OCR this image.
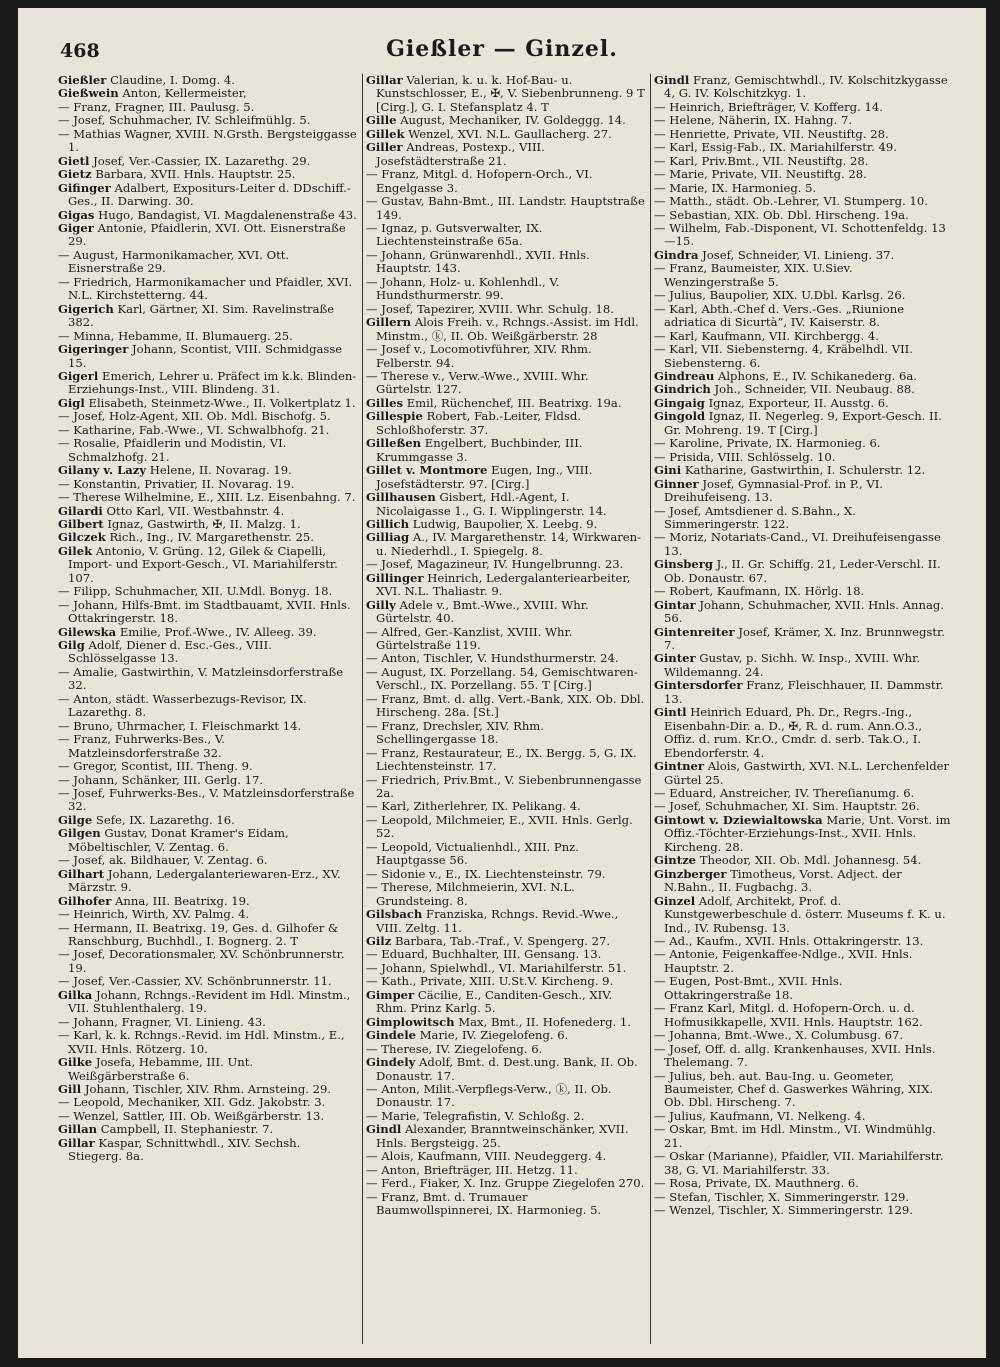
468	Gießler — Ginzel.
Gießler Claudine, I. Domg. 4.
Gießwein Anton, Kellermeister,
— Franz, Fragner, III. Paulusg. 5.
— Josef, Schuhmacher, IV. Schleifmühlg. 5.
— Mathias Wagner, XVIII. N.Grsth. Bergsteiggasse 1.
Gietl Josef, Ver.-Cassier, IX. Lazarethg. 29.
Gietz Barbara, XVII. Hnls. Hauptstr. 25.
Gifinger Adalbert, Expositurs-Leiter d. DDschiff.-Ges., II. Darwing. 30.
Gigas Hugo, Bandagist, VI. Magdalenenstraße 43.
Giger Antonie, Pfaidlerin, XVI. Ott. Eisnerstraße 29.
— August, Harmonikamacher, XVI. Ott. Eisnerstraße 29.
— Friedrich, Harmonikamacher und Pfaidler, XVI. N.L. Kirchstetterng. 44.
Gigerich Karl, Gärtner, XI. Sim. Ravelinstraße 382.
— Minna, Hebamme, II. Blumauerg. 25.
Gigeringer Johann, Scontist, VIII. Schmidgasse 15.
Gigerl Emerich, Lehrer u. Präfect im k.k. Blinden-Erziehungs-Inst., VIII. Blindeng. 31.
Gigl Elisabeth, Steinmetz-Wwe., II. Volkertplatz 1.
— Josef, Holz-Agent, XII. Ob. Mdl. Bischofg. 5.
— Katharine, Fab.-Wwe., VI. Schwalbhofg. 21.
— Rosalie, Pfaidlerin und Modistin, VI. Schmalzhofg. 21.
Gilany v. Lazy Helene, II. Novarag. 19.
— Konstantin, Privatier, II. Novarag. 19.
— Therese Wilhelmine, E., XIII. Lz. Eisenbahng. 7.
Gilardi Otto Karl, VII. Westbahnstr. 4.
Gilbert Ignaz, Gastwirth, ✠, II. Malzg. 1.
Gilczek Rich., Ing., IV. Margarethenstr. 25.
Gilek Antonio, V. Grüng. 12, Gilek & Ciapelli, Import- und Export-Gesch., VI. Mariahilferstr. 107.
— Filipp, Schuhmacher, XII. U.Mdl. Bonyg. 18.
— Johann, Hilfs-Bmt. im Stadtbauamt, XVII. Hnls. Ottakringerstr. 18.
Gilewska Emilie, Prof.-Wwe., IV. Alleeg. 39.
Gilg Adolf, Diener d. Esc.-Ges., VIII. Schlösselgasse 13.
— Amalie, Gastwirthin, V. Matzleinsdorferstraße 32.
— Anton, städt. Wasserbezugs-Revisor, IX. Lazarethg. 8.
— Bruno, Uhrmacher, I. Fleischmarkt 14.
— Franz, Fuhrwerks-Bes., V. Matzleinsdorferstraße 32.
— Gregor, Scontist, III. Theng. 9.
— Johann, Schänker, III. Gerlg. 17.
— Josef, Fuhrwerks-Bes., V. Matzleinsdorferstraße 32.
Gilge Sefe, IX. Lazarethg. 16.
Gilgen Gustav, Donat Kramer's Eidam, Möbeltischler, V. Zentag. 6.
— Josef, ak. Bildhauer, V. Zentag. 6.
Gilhart Johann, Ledergalanteriewaren-Erz., XV. Märzstr. 9.
Gilhofer Anna, III. Beatrixg. 19.
— Heinrich, Wirth, XV. Palmg. 4.
— Hermann, II. Beatrixg. 19, Ges. d. Gilhofer & Ranschburg, Buchhdl., I. Bognerg. 2. T
— Josef, Decorationsmaler, XV. Schönbrunnerstr. 19.
— Josef, Ver.-Cassier, XV. Schönbrunnerstr. 11.
Gilka Johann, Rchngs.-Revident im Hdl. Minstm., VII. Stuhlenthalerg. 19.
— Johann, Fragner, VI. Linieng. 43.
— Karl, k. k. Rchngs.-Revid. im Hdl. Minstm., E., XVII. Hnls. Rötzerg. 10.
Gilke Josefa, Hebamme, III. Unt. Weißgärberstraße 6.
Gill Johann, Tischler, XIV. Rhm. Arnsteing. 29.
— Leopold, Mechaniker, XII. Gdz. Jakobstr. 3.
— Wenzel, Sattler, III. Ob. Weißgärberstr. 13.
Gillan Campbell, II. Stephaniestr. 7.
Gillar Kaspar, Schnittwhdl., XIV. Sechsh. Stiegerg. 8a.
Gillar Valerian, k. u. k. Hof-Bau- u. Kunstschlosser, E., ✠, V. Siebenbrunneng. 9 T [Cirg.], G. I. Stefansplatz 4. T
Gille August, Mechaniker, IV. Goldeggg. 14.
Gillek Wenzel, XVI. N.L. Gaullacherg. 27.
Giller Andreas, Postexp., VIII. Josefstädterstraße 21.
— Franz, Mitgl. d. Hofopern-Orch., VI. Engelgasse 3.
— Gustav, Bahn-Bmt., III. Landstr. Hauptstraße 149.
— Ignaz, p. Gutsverwalter, IX. Liechtensteinstraße 65a.
— Johann, Grünwarenhdl., XVII. Hnls. Hauptstr. 143.
— Johann, Holz- u. Kohlenhdl., V. Hundsthurmerstr. 99.
— Josef, Tapezirer, XVIII. Whr. Schulg. 18.
Gillern Alois Freih. v., Rchngs.-Assist. im Hdl. Minstm., ⓚ, II. Ob. Weißgärberstr. 28
— Josef v., Locomotivführer, XIV. Rhm. Felberstr. 94.
— Therese v., Verw.-Wwe., XVIII. Whr. Gürtelstr. 127.
Gilles Emil, Rüchenchef, III. Beatrixg. 19a.
Gillespie Robert, Fab.-Leiter, Fldsd. Schloßhoferstr. 37.
Gilleßen Engelbert, Buchbinder, III. Krummgasse 3.
Gillet v. Montmore Eugen, Ing., VIII. Josefstädterstr. 97. [Cirg.]
Gillhausen Gisbert, Hdl.-Agent, I. Nicolaigasse 1., G. I. Wipplingerstr. 14.
Gillich Ludwig, Baupolier, X. Leebg. 9.
Gilliag A., IV. Margarethenstr. 14, Wirkwaren- u. Niederhdl., I. Spiegelg. 8.
— Josef, Magazineur, IV. Hungelbrunng. 23.
Gillinger Heinrich, Ledergalanteriearbeiter, XVI. N.L. Thaliastr. 9.
Gilly Adele v., Bmt.-Wwe., XVIII. Whr. Gürtelstr. 40.
— Alfred, Ger.-Kanzlist, XVIII. Whr. Gürtelstraße 119.
— Anton, Tischler, V. Hundsthurmerstr. 24.
— August, IX. Porzellang. 54, Gemischtwaren-Verschl., IX. Porzellang. 55. T [Cirg.]
— Franz, Bmt. d. allg. Vert.-Bank, XIX. Ob. Dbl. Hirscheng. 28a. [St.]
— Franz, Drechsler, XIV. Rhm. Schellingergasse 18.
— Franz, Restaurateur, E., IX. Bergg. 5, G. IX. Liechtensteinstr. 17.
— Friedrich, Priv.Bmt., V. Siebenbrunnengasse 2a.
— Karl, Zitherlehrer, IX. Pelikang. 4.
— Leopold, Milchmeier, E., XVII. Hnls. Gerlg. 52.
— Leopold, Victualienhdl., XIII. Pnz. Hauptgasse 56.
— Sidonie v., E., IX. Liechtensteinstr. 79.
— Therese, Milchmeierin, XVI. N.L. Grundsteing. 8.
Gilsbach Franziska, Rchngs. Revid.-Wwe., VIII. Zeltg. 11.
Gilz Barbara, Tab.-Traf., V. Spengerg. 27.
— Eduard, Buchhalter, III. Gensang. 13.
— Johann, Spielwhdl., VI. Mariahilferstr. 51.
— Kath., Private, XIII. U.St.V. Kircheng. 9.
Gimper Cäcilie, E., Canditen-Gesch., XIV. Rhm. Prinz Karlg. 5.
Gimplowitsch Max, Bmt., II. Hofenederg. 1.
Gindele Marie, IV. Ziegelofeng. 6.
— Therese, IV. Ziegelofeng. 6.
Gindely Adolf, Bmt. d. Dest.ung. Bank, II. Ob. Donaustr. 17.
— Anton, Milit.-Verpflegs-Verw., ⓚ, II. Ob. Donaustr. 17.
— Marie, Telegrafistin, V. Schloßg. 2.
Gindl Alexander, Branntweinschänker, XVII. Hnls. Bergsteigg. 25.
— Alois, Kaufmann, VIII. Neudeggerg. 4.
— Anton, Briefträger, III. Hetzg. 11.
— Ferd., Fiaker, X. Inz. Gruppe Ziegelofen 270.
— Franz, Bmt. d. Trumauer Baumwollspinnerei, IX. Harmonieg. 5.
Gindl Franz, Gemischtwhdl., IV. Kolschitzkygasse 4, G. IV. Kolschitzkyg. 1.
— Heinrich, Briefträger, V. Kofferg. 14.
— Helene, Näherin, IX. Hahng. 7.
— Henriette, Private, VII. Neustiftg. 28.
— Karl, Essig-Fab., IX. Mariahilferstr. 49.
— Karl, Priv.Bmt., VII. Neustiftg. 28.
— Marie, Private, VII. Neustiftg. 28.
— Marie, IX. Harmonieg. 5.
— Matth., städt. Ob.-Lehrer, VI. Stumperg. 10.
— Sebastian, XIX. Ob. Dbl. Hirscheng. 19a.
— Wilhelm, Fab.-Disponent, VI. Schottenfeldg. 13—15.
Gindra Josef, Schneider, VI. Linieng. 37.
— Franz, Baumeister, XIX. U.Siev. Wenzingerstraße 5.
— Julius, Baupolier, XIX. U.Dbl. Karlsg. 26.
— Karl, Abth.-Chef d. Vers.-Ges. „Riunione adriatica di Sicurtà”, IV. Kaiserstr. 8.
— Karl, Kaufmann, VII. Kirchbergg. 4.
— Karl, VII. Siebensterng. 4, Kräbelhdl. VII. Siebensterng. 6.
Gindreau Alphons, E., IV. Schikanederg. 6a.
Gindrich Joh., Schneider, VII. Neubaug. 88.
Gingaig Ignaz, Exporteur, II. Ausstg. 6.
Gingold Ignaz, II. Negerleg. 9, Export-Gesch. II. Gr. Mohreng. 19. T [Cirg.]
— Karoline, Private, IX. Harmonieg. 6.
— Prisida, VIII. Schlösselg. 10.
Gini Katharine, Gastwirthin, I. Schulerstr. 12.
Ginner Josef, Gymnasial-Prof. in P., VI. Dreihufeiseng. 13.
— Josef, Amtsdiener d. S.Bahn., X. Simmeringerstr. 122.
— Moriz, Notariats-Cand., VI. Dreihufeisengasse 13.
Ginsberg J., II. Gr. Schiffg. 21, Leder-Verschl. II. Ob. Donaustr. 67.
— Robert, Kaufmann, IX. Hörlg. 18.
Gintar Johann, Schuhmacher, XVII. Hnls. Annag. 56.
Gintenreiter Josef, Krämer, X. Inz. Brunnwegstr. 7.
Ginter Gustav, p. Sichh. W. Insp., XVIII. Whr. Wildemanng. 24.
Gintersdorfer Franz, Fleischhauer, II. Dammstr. 13.
Gintl Heinrich Eduard, Ph. Dr., Regrs.-Ing., Eisenbahn-Dir. a. D., ✠, R. d. rum. Ann.O.3., Offiz. d. rum. Kr.O., Cmdr. d. serb. Tak.O., I. Ebendorferstr. 4.
Gintner Alois, Gastwirth, XVI. N.L. Lerchenfelder Gürtel 25.
— Eduard, Anstreicher, IV. Thereſianumg. 6.
— Josef, Schuhmacher, XI. Sim. Hauptstr. 26.
Gintowt v. Dziewialtowska Marie, Unt. Vorst. im Offiz.-Töchter-Erziehungs-Inst., XVII. Hnls. Kircheng. 28.
Gintze Theodor, XII. Ob. Mdl. Johannesg. 54.
Ginzberger Timotheus, Vorst. Adject. der N.Bahn., II. Fugbachg. 3.
Ginzel Adolf, Architekt, Prof. d. Kunstgewerbeschule d. österr. Museums f. K. u. Ind., IV. Rubensg. 13.
— Ad., Kaufm., XVII. Hnls. Ottakringerstr. 13.
— Antonie, Feigenkaffee-Ndlge., XVII. Hnls. Hauptstr. 2.
— Eugen, Post-Bmt., XVII. Hnls. Ottakringerstraße 18.
— Franz Karl, Mitgl. d. Hofopern-Orch. u. d. Hofmusikkapelle, XVII. Hnls. Hauptstr. 162.
— Johanna, Bmt.-Wwe., X. Columbusg. 67.
— Josef, Off. d. allg. Krankenhauses, XVII. Hnls. Thelemang. 7.
— Julius, beh. aut. Bau-Ing. u. Geometer, Baumeister, Chef d. Gaswerkes Währing, XIX. Ob. Dbl. Hirscheng. 7.
— Julius, Kaufmann, VI. Nelkeng. 4.
— Oskar, Bmt. im Hdl. Minstm., VI. Windmühlg. 21.
— Oskar (Marianne), Pfaidler, VII. Mariahilferstr. 38, G. VI. Mariahilferstr. 33.
— Rosa, Private, IX. Mauthnerg. 6.
— Stefan, Tischler, X. Simmeringerstr. 129.
— Wenzel, Tischler, X. Simmeringerstr. 129.
